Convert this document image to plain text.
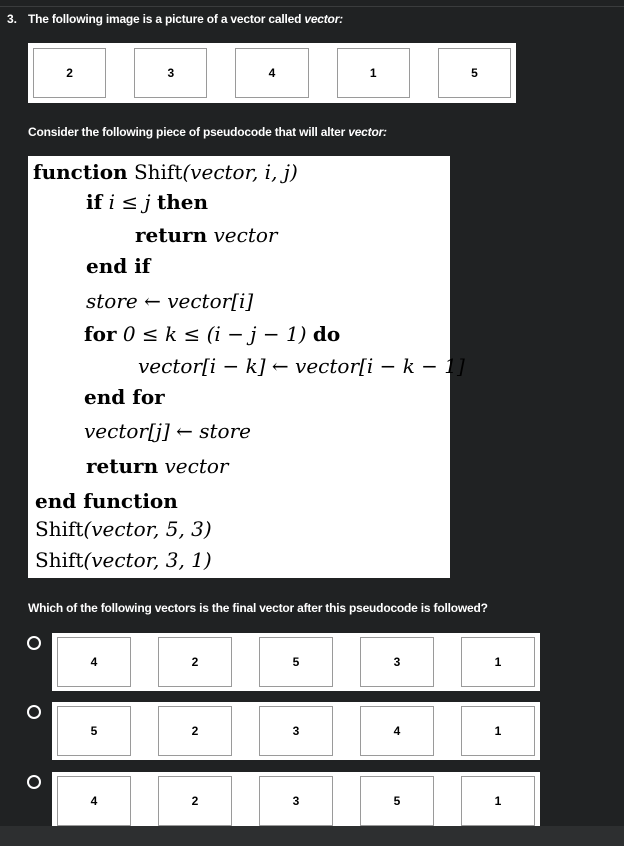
3. The following image is a picture of a vector called vector:
2	3	4	1	5
Consider the following piece of pseudocode that will alter vector:
function Shift(vector, i, j)
if i ≤ j then
return vector
end if
store ← vector[i]
for 0 ≤ k ≤ (i − j − 1) do
vector[i − k] ← vector[i − k − 1]
end for
vector[j] ← store
return vector
end function
Shift(vector, 5, 3)
Shift(vector, 3, 1)
Which of the following vectors is the final vector after this pseudocode is followed?
4	2	5	3	1
5	2	3	4	1
4	2	3	5	1
